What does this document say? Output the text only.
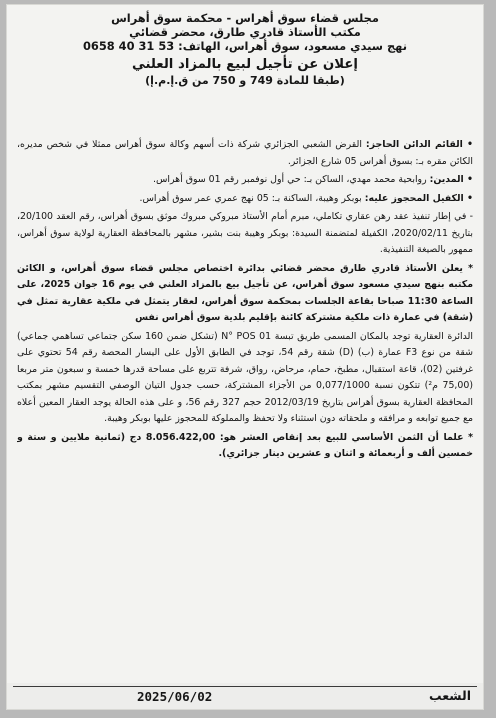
مجلس قضاء سوق أهراس - محكمة سوق أهراس
مكتب الأستاذ قادري طارق، محضر قضائي
نهج سيدي مسعود، سوق أهراس، الهاتف: 53 31 40 0658
إعلان عن تأجيل لبيع بالمزاد العلني
(طبقا للمادة 749 و 750 من ق.إ.م.إ)

• القائم الدائن الحاجز: القرض الشعبي الجزائري شركة ذات أسهم وكالة سوق أهراس ممثلا في شخص مديره، الكائن مقره بـ: بسوق أهراس 05 شارع الجزائر.

• المدين: روابحية محمد مهدي، الساكن بـ: حي أول نوفمبر رقم 01 سوق أهراس.

• الكفيل المحجوز عليه: بوبكر وهيبة، الساكنة بـ: 05 نهج عمري عمر سوق أهراس.

- في إطار تنفيذ عقد رهن عقاري تكاملي، مبرم أمام الأستاذ مبروكي مبروك موثق بسوق أهراس، رقم العقد 20/100، بتاريخ 2020/02/11، الكفيلة لمتضمنة السيدة: بوبكر وهيبة بنت بشير، مشهر بالمحافظة العقارية لولاية سوق أهراس، ممهور بالصيغة التنفيذية.

* يعلن الأستاذ قادري طارق محضر قضائي بدائرة اختصاص مجلس قضاء سوق أهراس، و الكائن مكتبه بنهج سيدي مسعود سوق أهراس، عن تأجيل بيع بالمزاد العلني في يوم 16 جوان 2025، على الساعة 11:30 صباحا بقاعة الجلسات بمحكمة سوق أهراس، لعقار يتمثل في ملكية عقارية تمثل في (شقة) في عمارة ذات ملكية مشتركة كائنة بإقليم بلدية سوق أهراس نفس

الدائرة العقارية توجد بالمكان المسمى طريق تبسة 01 N° POS (تشكل ضمن 160 سكن جتماعي تساهمي جماعي) شقة من نوع F3 عمارة (ب) (D) شقة رقم 54، توجد في الطابق الأول على اليسار المحصة رقم 54 تحتوي على غرفتين (02)، قاعة استقبال، مطبخ، حمام، مرحاض، رواق، شرفة تتربع على مساحة قدرها خمسة و سبعون متر مربعا (75,00 م²) تتكون نسبة 0,077/1000 من الأجزاء المشتركة، حسب جدول التيان الوصفي التقسيم مشهر بمكتب المحافظة العقارية بسوق أهراس بتاريخ 2012/03/19 حجم 327 رقم 56، و على هذه الحالة يوجد العقار المعين أعلاه مع جميع توابعه و مرافقه و ملحقاته دون استثناء ولا تحفظ والمملوكة للمحجوز عليها بوبكر وهيبة.

* علما أن الثمن الأساسي للبيع بعد إنقاص العشر هو: 8.056.422,00 دج (ثمانية ملايين و ستة و خمسين ألف و أربعمائة و اثنان و عشرين دينار جزائري).

الشعب
2025/06/02
